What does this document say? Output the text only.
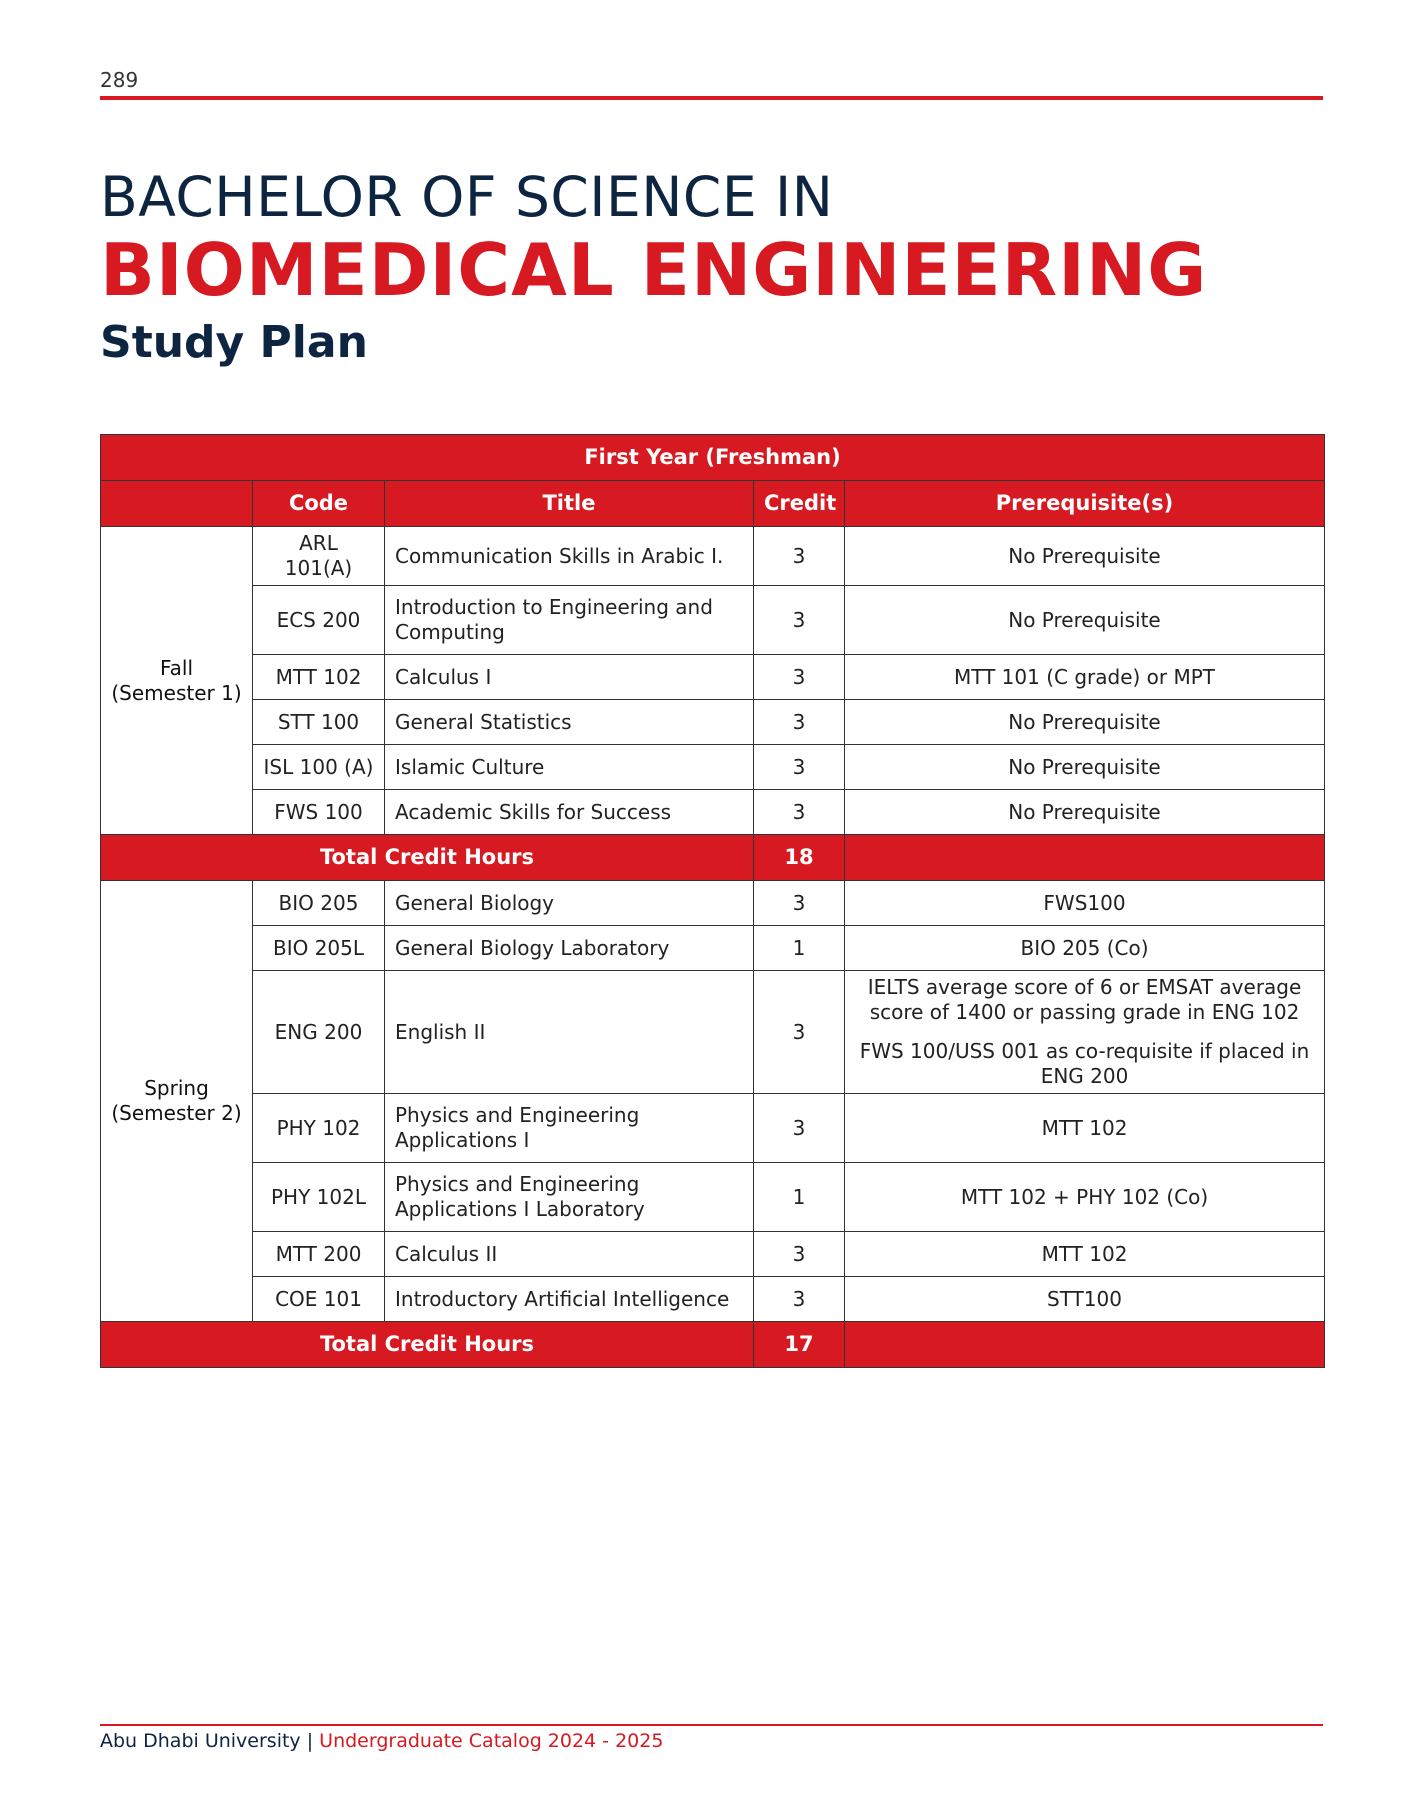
289
BACHELOR OF SCIENCE IN
BIOMEDICAL ENGINEERING
Study Plan
First Year (Freshman)				
	Code	Title	Credit	Prerequisite(s)

Fall
(Semester 1)	ARL 101(A)	Communication Skills in Arabic I.	3	No Prerequisite
	ECS 200	Introduction to Engineering and Computing	3	No Prerequisite
	MTT 102	Calculus I	3	MTT 101 (C grade) or MPT
	STT 100	General Statistics	3	No Prerequisite
	ISL 100 (A)	Islamic Culture	3	No Prerequisite
	FWS 100	Academic Skills for Success	3	No Prerequisite
Total Credit Hours			18	

Spring
(Semester 2)	BIO 205	General Biology	3	FWS100
	BIO 205L	General Biology Laboratory	1	BIO 205 (Co)
	ENG 200	English II	3	IELTS average score of 6 or EMSAT average score of 1400 or passing grade in ENG 102

FWS 100/USS 001 as co-requisite if placed in ENG 200

	PHY 102	Physics and Engineering Applications I	3	MTT 102
	PHY 102L	Physics and Engineering Applications I Laboratory	1	MTT 102 + PHY 102 (Co)
	MTT 200	Calculus II	3	MTT 102
	COE 101	Introductory Artificial Intelligence	3	STT100
Total Credit Hours			17	
Abu Dhabi University | Undergraduate Catalog 2024 - 2025
